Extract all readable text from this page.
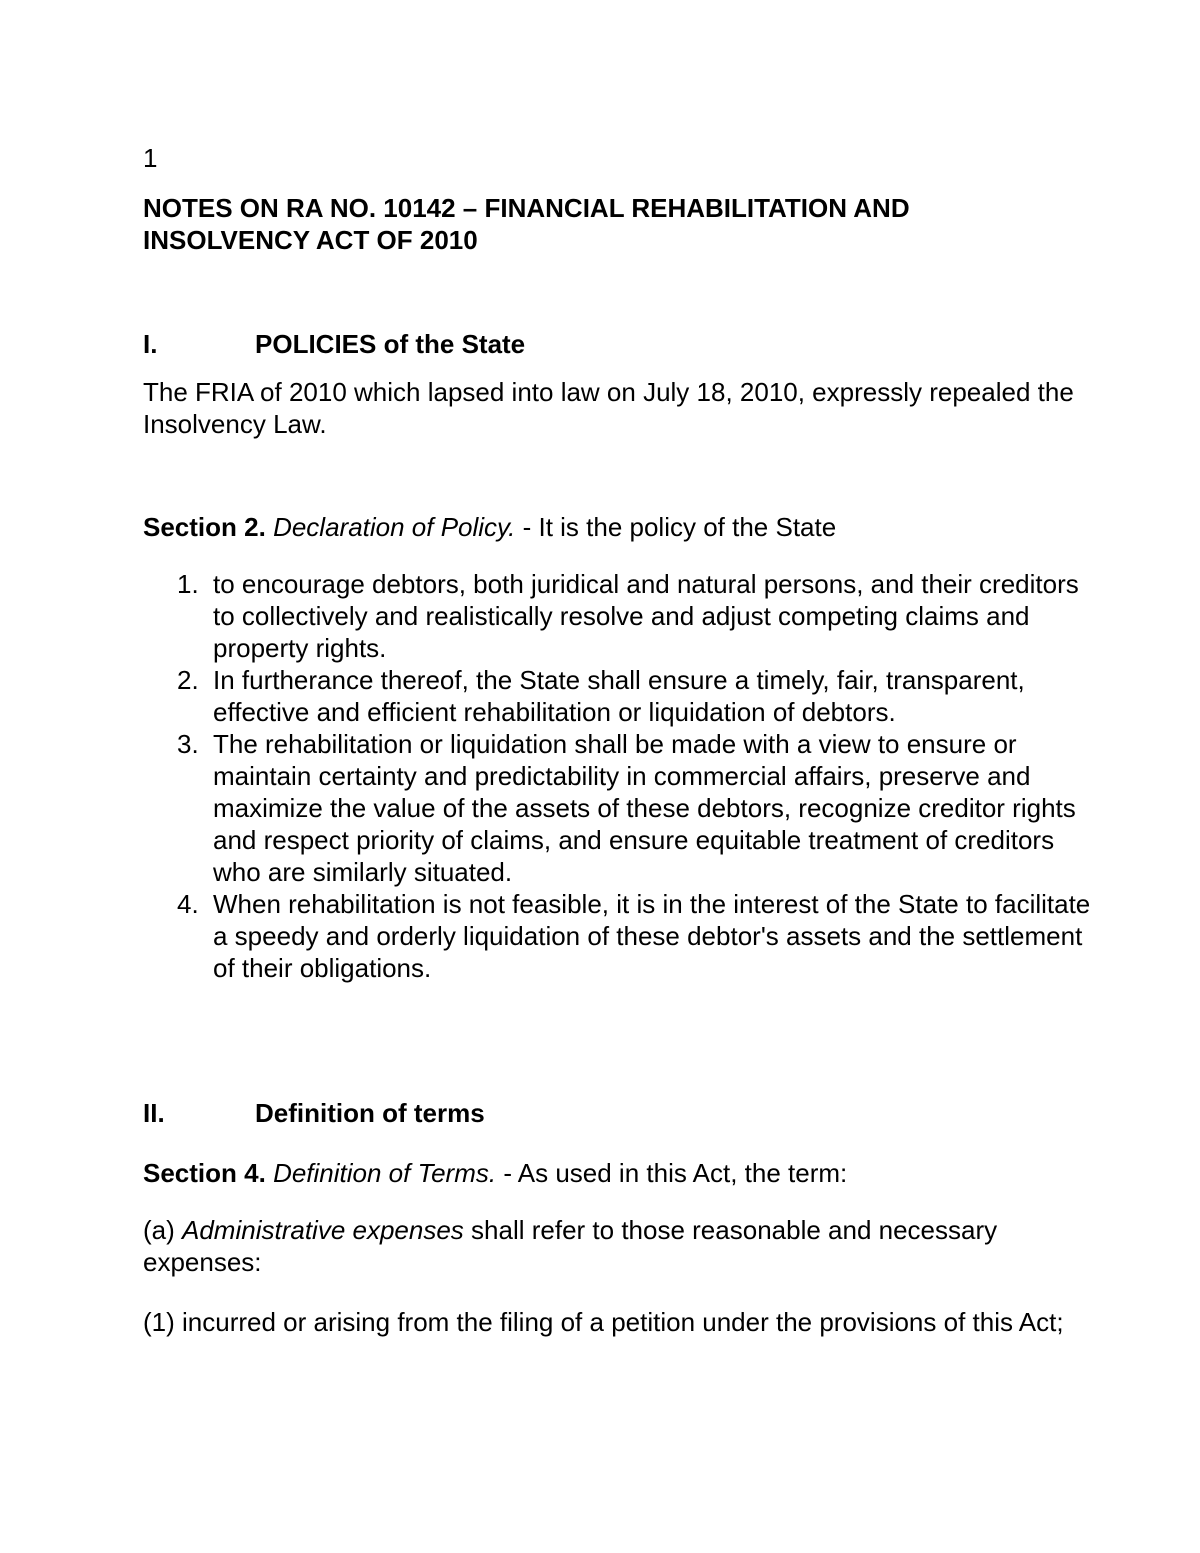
1
NOTES ON RA NO. 10142 – FINANCIAL REHABILITATION AND INSOLVENCY ACT OF 2010
I.	POLICIES of the State
The FRIA of 2010 which lapsed into law on July 18, 2010, expressly repealed the Insolvency Law.
Section 2. Declaration of Policy. - It is the policy of the State
1. to encourage debtors, both juridical and natural persons, and their creditors to collectively and realistically resolve and adjust competing claims and property rights.
2. In furtherance thereof, the State shall ensure a timely, fair, transparent, effective and efficient rehabilitation or liquidation of debtors.
3. The rehabilitation or liquidation shall be made with a view to ensure or maintain certainty and predictability in commercial affairs, preserve and maximize the value of the assets of these debtors, recognize creditor rights and respect priority of claims, and ensure equitable treatment of creditors who are similarly situated.
4. When rehabilitation is not feasible, it is in the interest of the State to facilitate a speedy and orderly liquidation of these debtor's assets and the settlement of their obligations.
II.	Definition of terms
Section 4. Definition of Terms. - As used in this Act, the term:
(a) Administrative expenses shall refer to those reasonable and necessary expenses:
(1) incurred or arising from the filing of a petition under the provisions of this Act;
